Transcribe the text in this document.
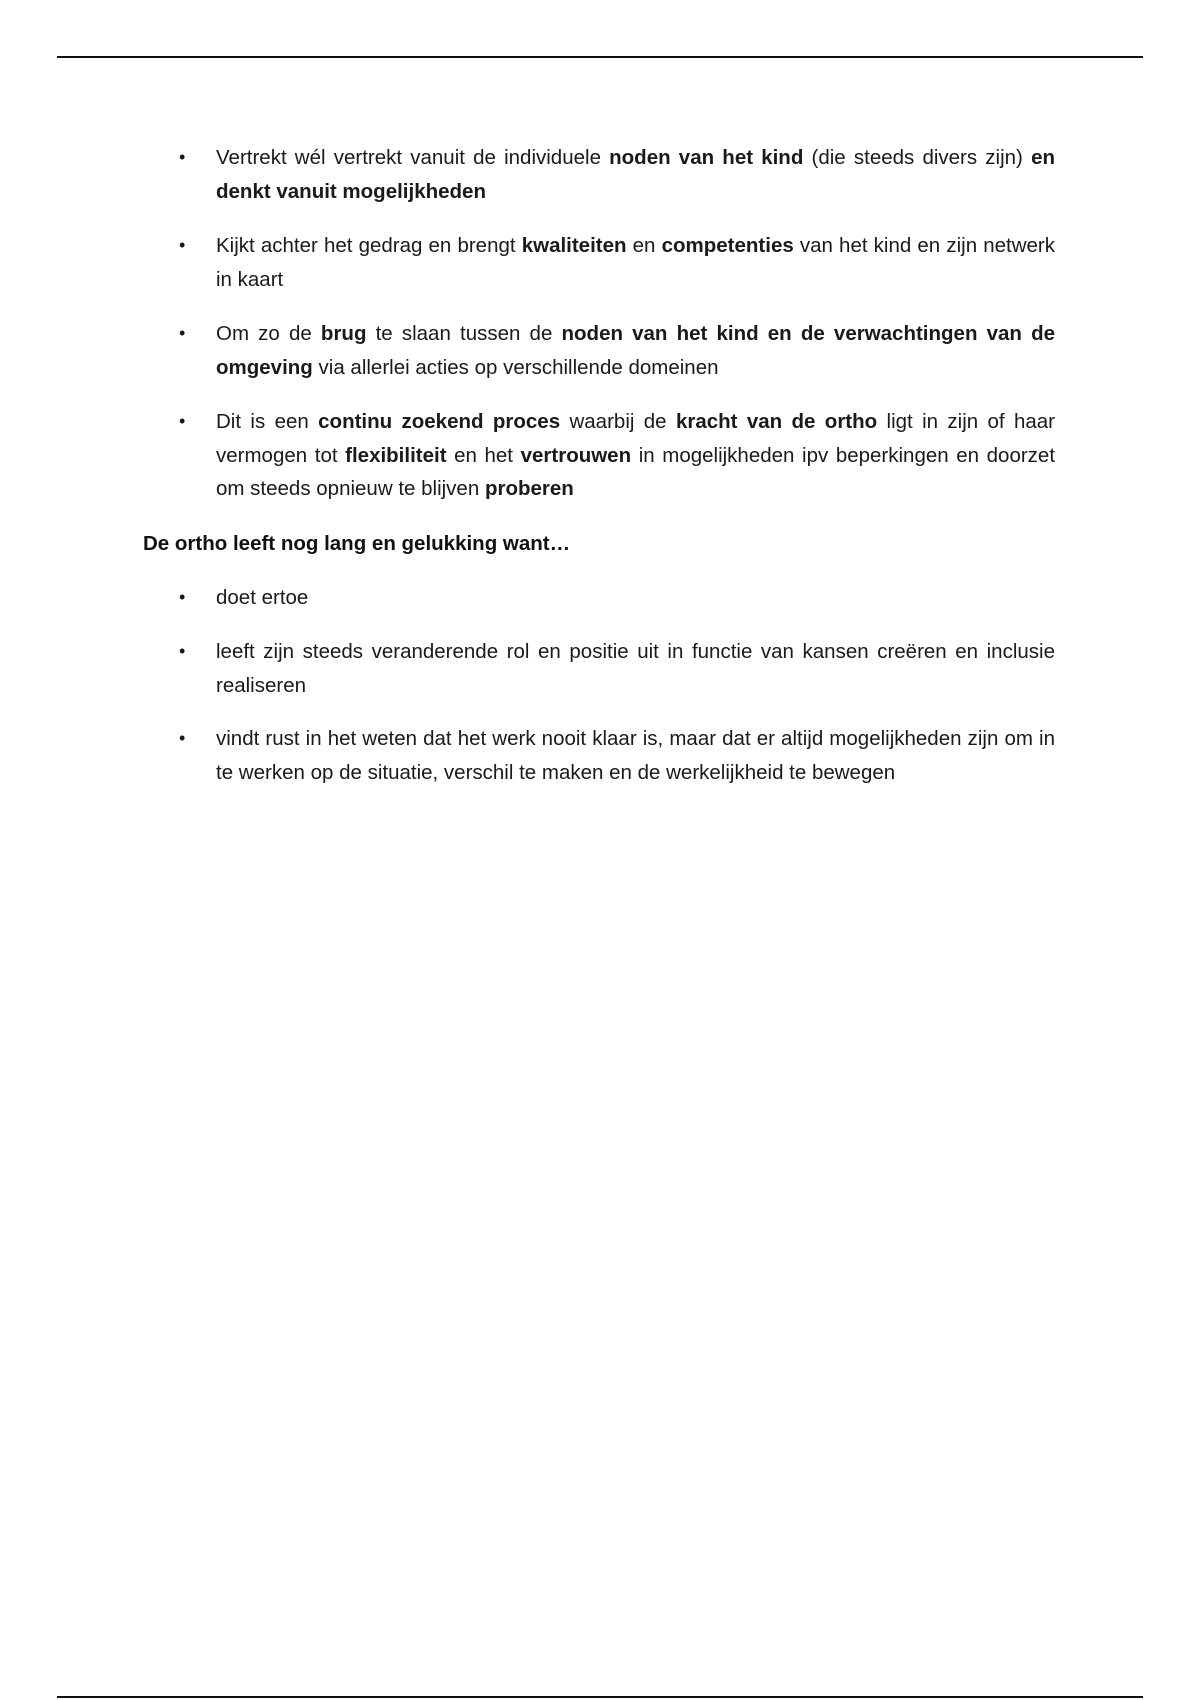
• Vertrekt wél vertrekt vanuit de individuele noden van het kind (die steeds divers zijn) en denkt vanuit mogelijkheden
• Kijkt achter het gedrag en brengt kwaliteiten en competenties van het kind en zijn netwerk in kaart
• Om zo de brug te slaan tussen de noden van het kind en de verwachtingen van de omgeving via allerlei acties op verschillende domeinen
• Dit is een continu zoekend proces waarbij de kracht van de ortho ligt in zijn of haar vermogen tot flexibiliteit en het vertrouwen in mogelijkheden ipv beperkingen en doorzet om steeds opnieuw te blijven proberen
De ortho leeft nog lang en gelukking want…
• doet ertoe
• leeft zijn steeds veranderende rol en positie uit in functie van kansen creëren en inclusie realiseren
• vindt rust in het weten dat het werk nooit klaar is, maar dat er altijd mogelijkheden zijn om in te werken op de situatie, verschil te maken en de werkelijkheid te bewegen
